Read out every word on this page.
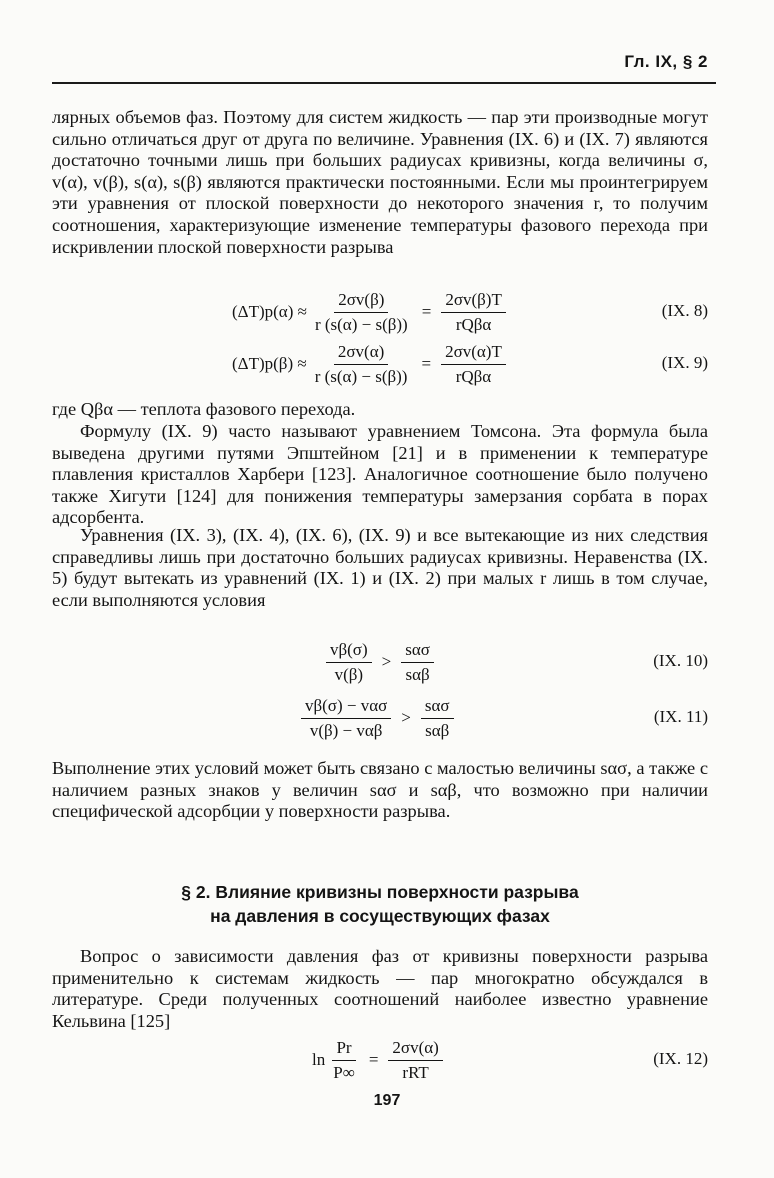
Гл. IX, § 2

лярных объемов фаз. Поэтому для систем жидкость — пар эти производные могут сильно отличаться друг от друга по величине. Уравнения (IX. 6) и (IX. 7) являются достаточно точными лишь при больших радиусах кривизны, когда величины σ, v(α), v(β), s(α), s(β) являются практически постоянными. Если мы проинтегрируем эти уравнения от плоской поверхности до некоторого значения r, то получим соотношения, характеризующие изменение температуры фазового перехода при искривлении плоской поверхности разрыва

$(\Delta T)p(\alpha) \approx \frac{2\sigma v(\beta)}{r (s(\alpha) - s(\beta))} = \frac{2\sigma v(\beta)T}{\text{rQβα}}$	(IX. 8)
$(\Delta T)p(\beta) \approx \frac{2\sigma v(\alpha)}{r (s(\alpha) - s(\beta))} = \frac{2\sigma v(\alpha)T}{\text{rQβα}}$	(IX. 9)

где Qβα — теплота фазового перехода.

Формулу (IX. 9) часто называют уравнением Томсона. Эта формула была выведена другими путями Эпштейном [21] и в применении к температуре плавления кристаллов Харбери [123]. Аналогичное соотношение было получено также Хигути [124] для понижения температуры замерзания сорбата в порах адсорбента.

Уравнения (IX. 3), (IX. 4), (IX. 6), (IX. 9) и все вытекающие из них следствия справедливы лишь при достаточно больших радиусах кривизны. Неравенства (IX. 5) будут вытекать из уравнений (IX. 1) и (IX. 2) при малых r лишь в том случае, если выполняются условия

$\frac{v\beta(\sigma)}{v(\beta)} > \frac{\text{sασ}}{\text{sαβ}}$	(IX. 10)
$\frac{\text{vβ(σ) − vασ}}{\text{v(β) − vαβ}} > \frac{\text{sασ}}{\text{sαβ}}$	(IX. 11)

Выполнение этих условий может быть связано с малостью величины sασ, а также с наличием разных знаков у величин sασ и sαβ, что возможно при наличии специфической адсорбции у поверхности разрыва.

§ 2. Влияние кривизны поверхности разрыва
на давления в сосуществующих фазах

Вопрос о зависимости давления фаз от кривизны поверхности разрыва применительно к системам жидкость — пар многократно обсуждался в литературе. Среди полученных соотношений наиболее известно уравнение Кельвина [125]

$\ln \frac{Pr}{P\infty} = \frac{2\sigma v(\alpha)}{\text{rRT}}$	(IX. 12)
197
